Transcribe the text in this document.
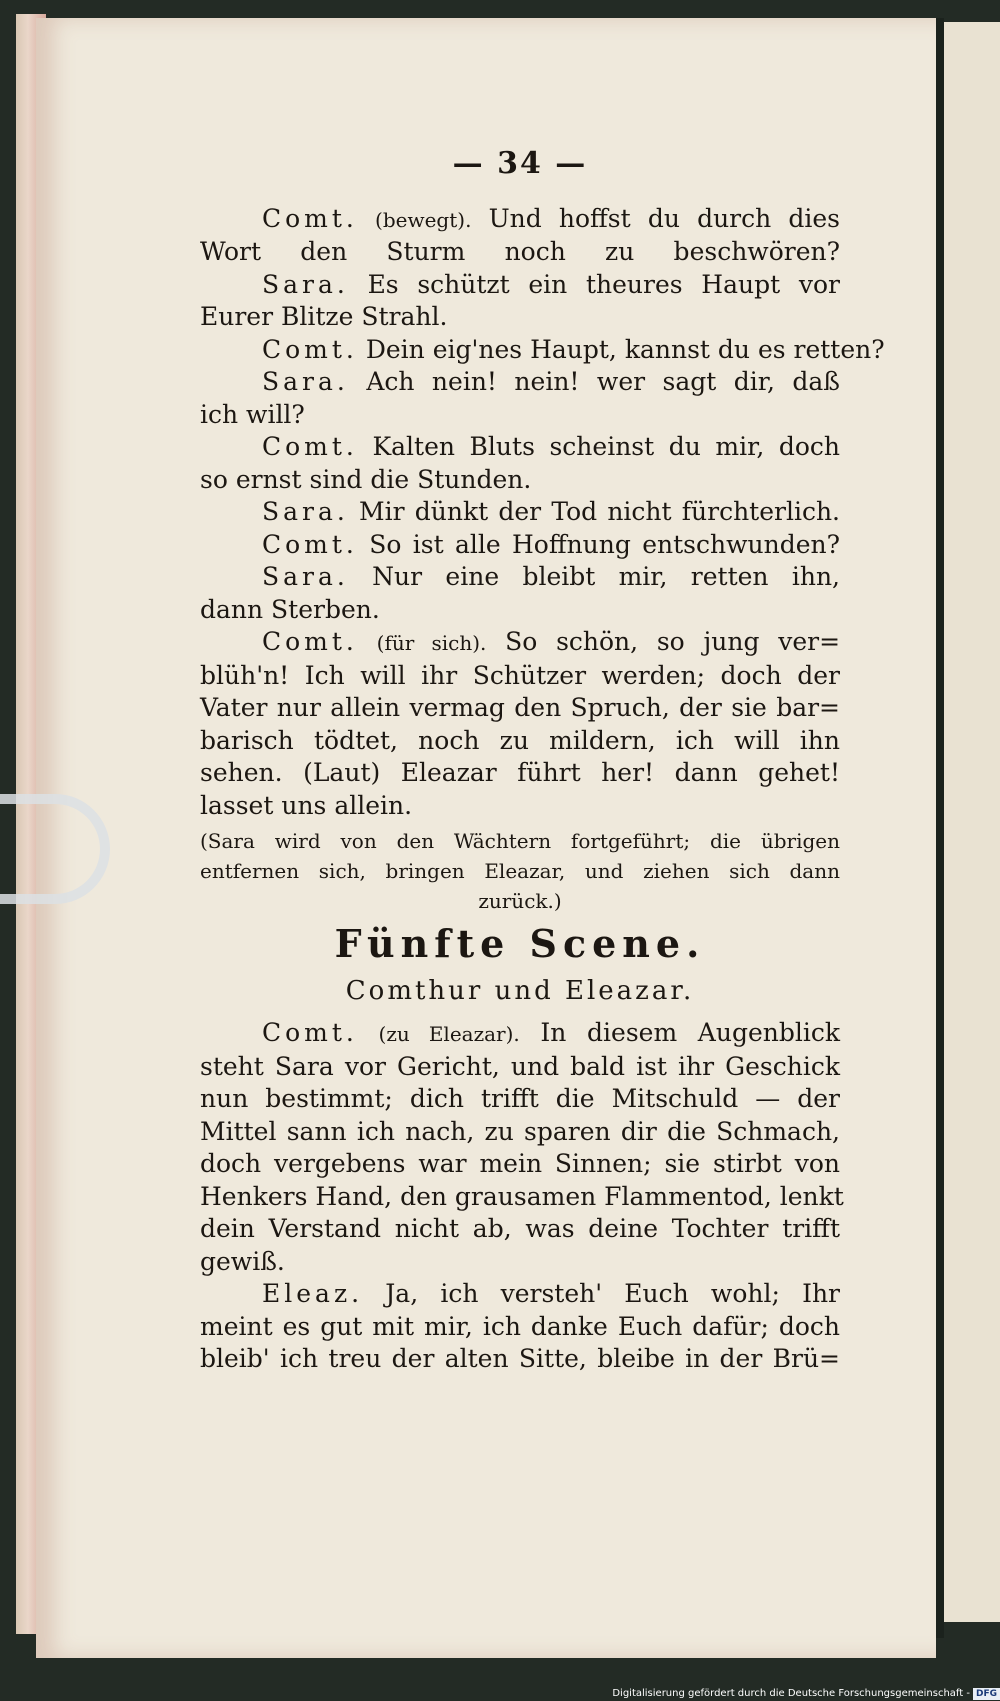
— 34 —
Comt. (bewegt). Und hoffst du durch dies
Wort den Sturm noch zu beschwören?
Sara. Es schützt ein theures Haupt vor
Eurer Blitze Strahl.
Comt. Dein eig'nes Haupt, kannst du es retten?
Sara. Ach nein! nein! wer sagt dir, daß
ich will?
Comt. Kalten Bluts scheinst du mir, doch
so ernst sind die Stunden.
Sara. Mir dünkt der Tod nicht fürchterlich.
Comt. So ist alle Hoffnung entschwunden?
Sara. Nur eine bleibt mir, retten ihn,
dann Sterben.
Comt. (für sich). So schön, so jung ver=
blüh'n! Ich will ihr Schützer werden; doch der
Vater nur allein vermag den Spruch, der sie bar=
barisch tödtet, noch zu mildern, ich will ihn
sehen. (Laut) Eleazar führt her! dann gehet!
lasset uns allein.
(Sara wird von den Wächtern fortgeführt; die übrigen
entfernen sich, bringen Eleazar, und ziehen sich dann
zurück.)
Fünfte Scene.
Comthur und Eleazar.
Comt. (zu Eleazar). In diesem Augenblick
steht Sara vor Gericht, und bald ist ihr Geschick
nun bestimmt; dich trifft die Mitschuld — der
Mittel sann ich nach, zu sparen dir die Schmach,
doch vergebens war mein Sinnen; sie stirbt von
Henkers Hand, den grausamen Flammentod, lenkt
dein Verstand nicht ab, was deine Tochter trifft
gewiß.
Eleaz. Ja, ich versteh' Euch wohl; Ihr
meint es gut mit mir, ich danke Euch dafür; doch
bleib' ich treu der alten Sitte, bleibe in der Brü=
Digitalisierung gefördert durch die Deutsche Forschungsgemeinschaft - DFG
